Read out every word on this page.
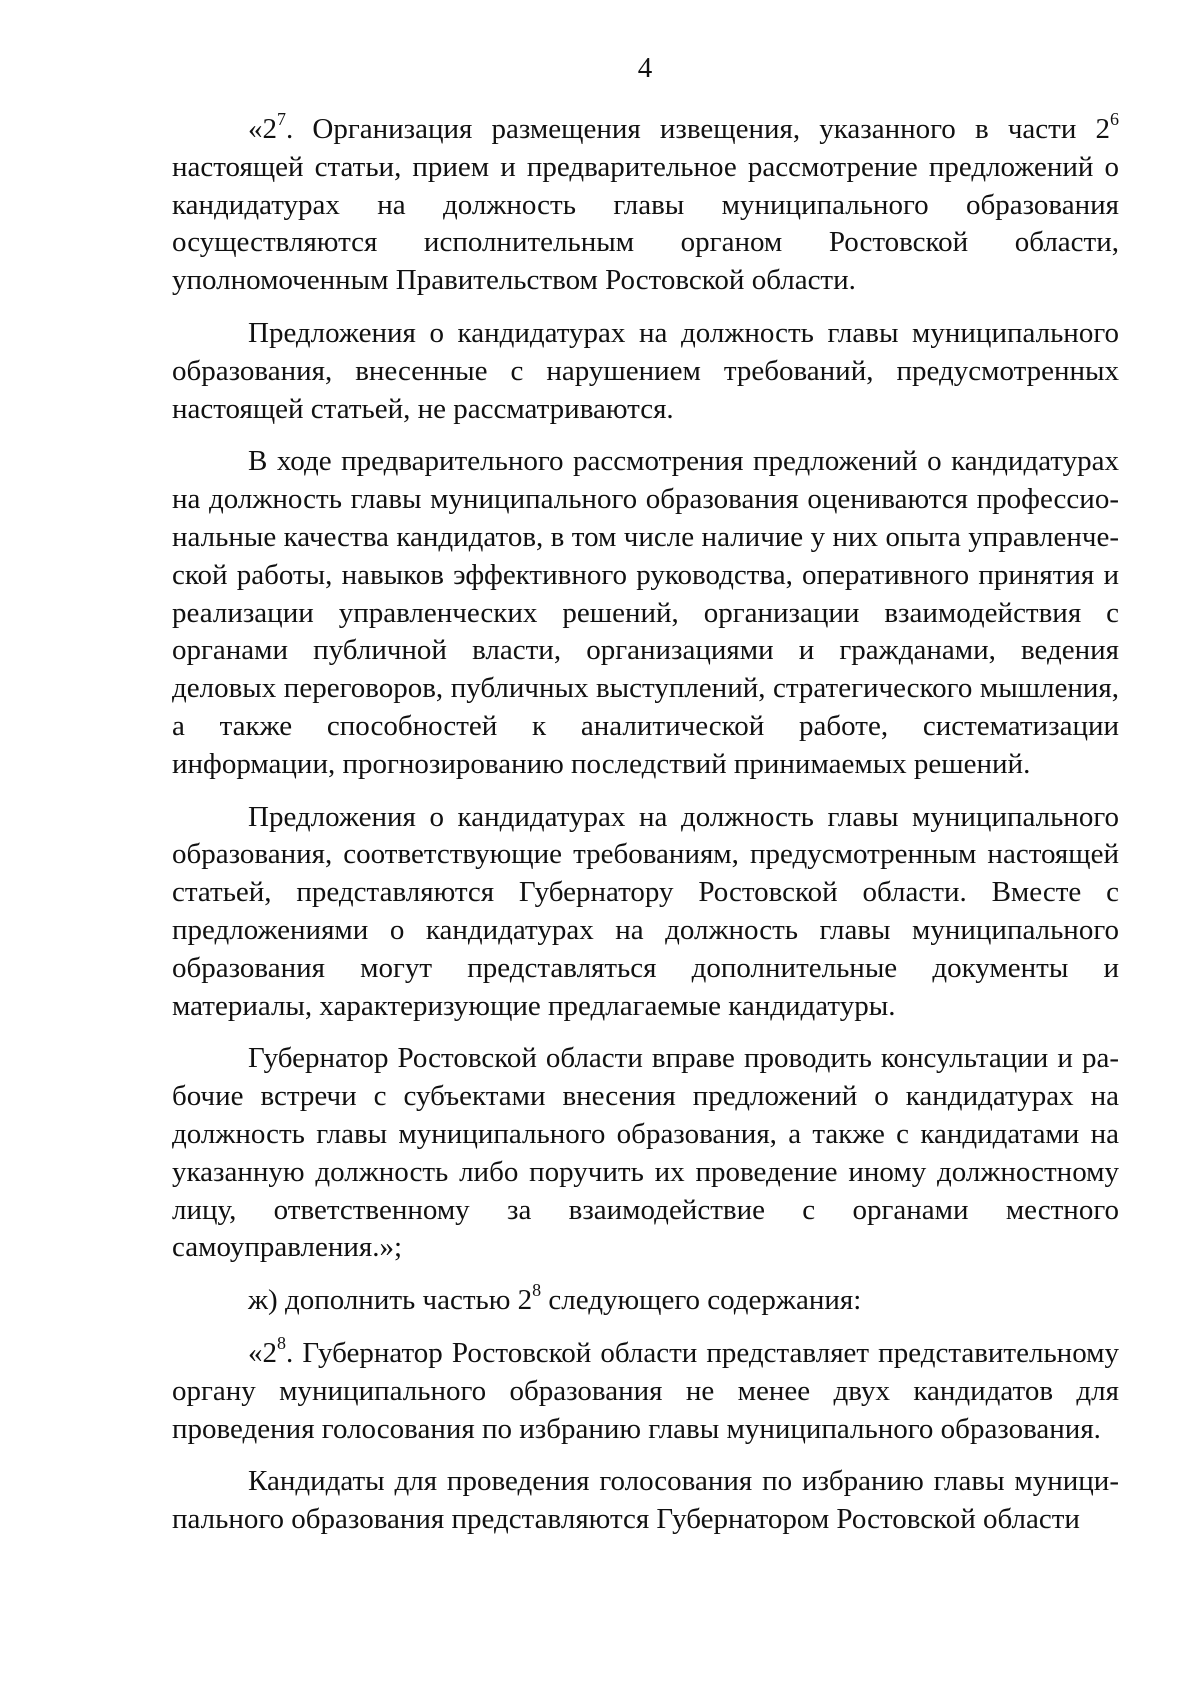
4

«$2^7$. Организация размещения извещения, указанного в части $2^6$ настоящей статьи, прием и предварительное рассмотрение предложений о кандидатурах на должность главы муниципального образования осуществляются исполнительным органом Ростовской области, уполномоченным Правительством Ростовской области.

Предложения о кандидатурах на должность главы муниципального образования, внесенные с нарушением требований, предусмотренных настоящей статьей, не рассматриваются.

В ходе предварительного рассмотрения предложений о кандидатурах на должность главы муниципального образования оцениваются профессиональные качества кандидатов, в том числе наличие у них опыта управленческой работы, навыков эффективного руководства, оперативного принятия и реализации управленческих решений, организации взаимодействия с органами публичной власти, организациями и гражданами, ведения деловых переговоров, публичных выступлений, стратегического мышления, а также способностей к аналитической работе, систематизации информации, прогнозированию последствий принимаемых решений.

Предложения о кандидатурах на должность главы муниципального образования, соответствующие требованиям, предусмотренным настоящей статьей, представляются Губернатору Ростовской области. Вместе с предложениями о кандидатурах на должность главы муниципального образования могут представляться дополнительные документы и материалы, характеризующие предлагаемые кандидатуры.

Губернатор Ростовской области вправе проводить консультации и рабочие встречи с субъектами внесения предложений о кандидатурах на должность главы муниципального образования, а также с кандидатами на указанную должность либо поручить их проведение иному должностному лицу, ответственному за взаимодействие с органами местного самоуправления.»;

ж) дополнить частью $2^8$ следующего содержания:

«$2^8$. Губернатор Ростовской области представляет представительному органу муниципального образования не менее двух кандидатов для проведения голосования по избранию главы муниципального образования.

Кандидаты для проведения голосования по избранию главы муниципального образования представляются Губернатором Ростовской области
